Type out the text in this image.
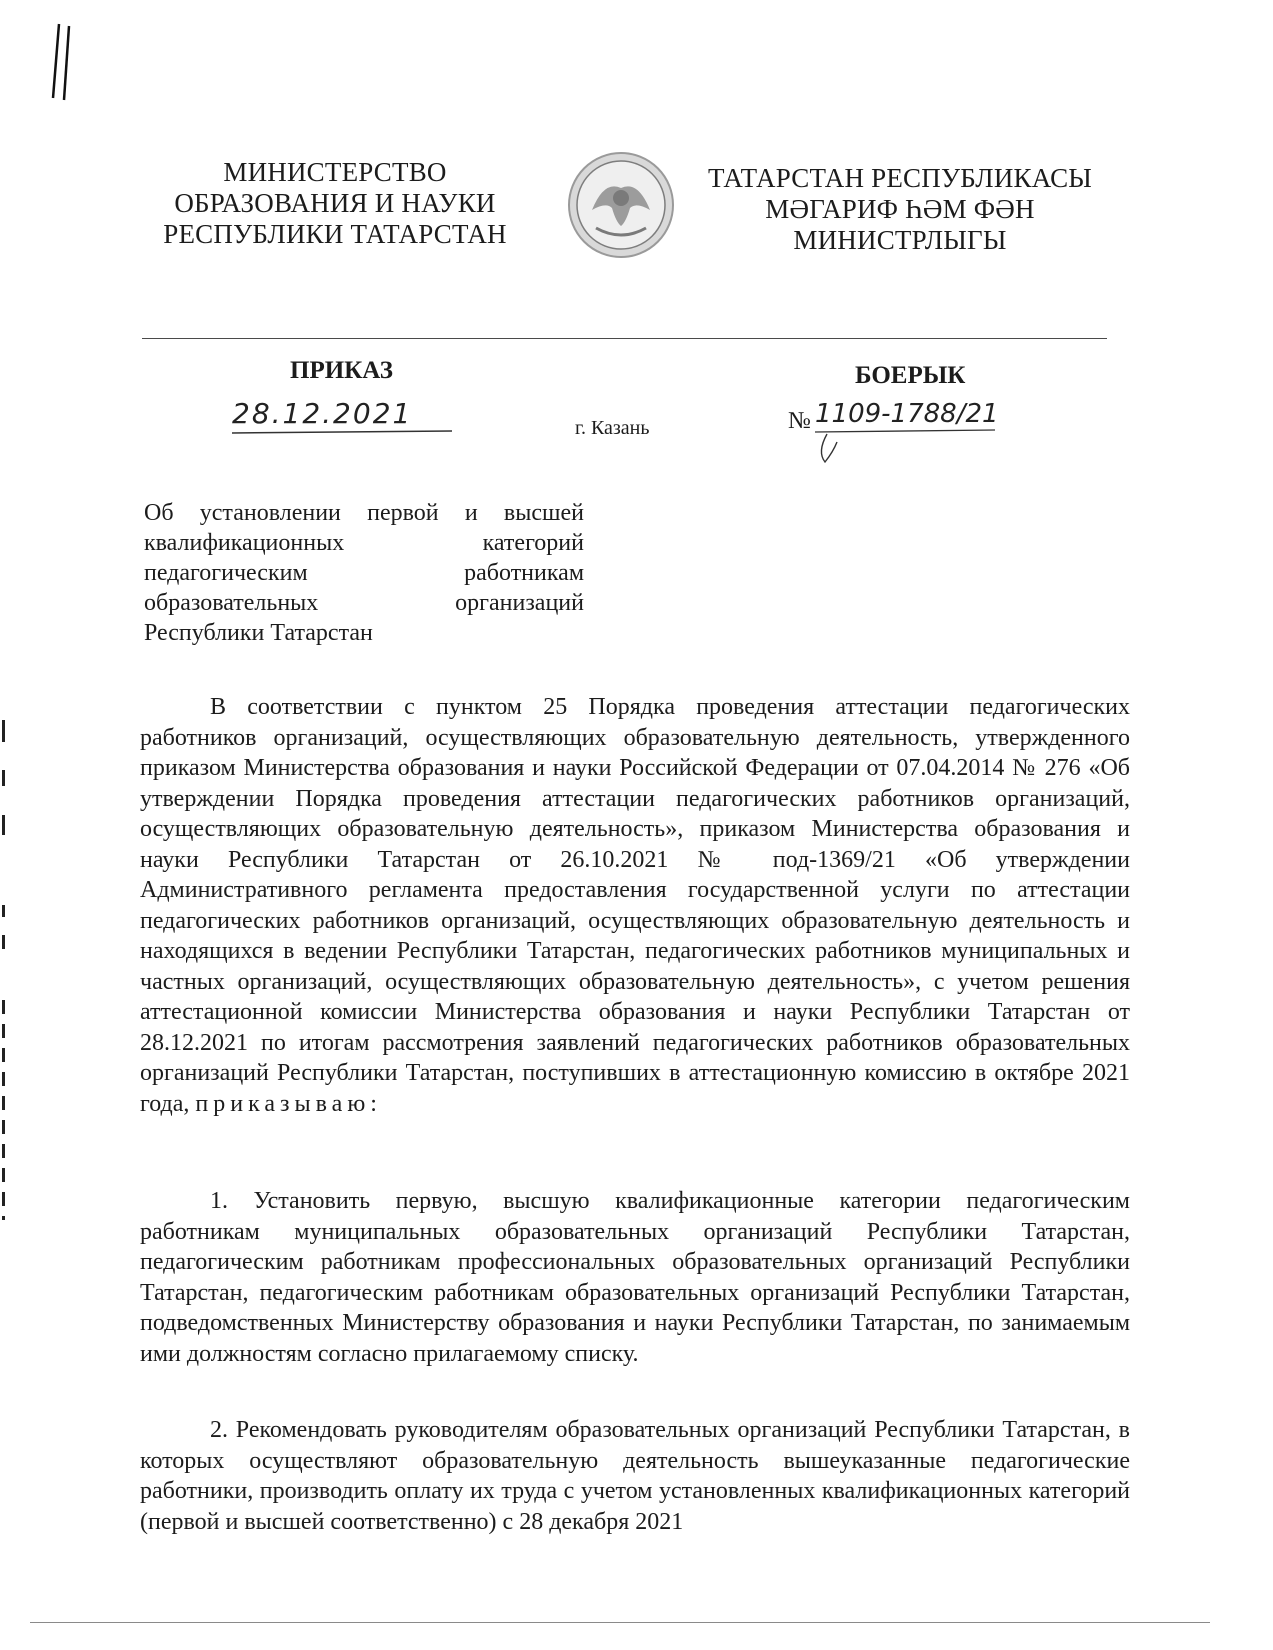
МИНИСТЕРСТВО
ОБРАЗОВАНИЯ И НАУКИ
РЕСПУБЛИКИ ТАТАРСТАН
ТАТАРСТАН РЕСПУБЛИКАСЫ
МӘГАРИФ ҺӘМ ФӘН
МИНИСТРЛЫГЫ
ПРИКАЗ	БОЕРЫК
28.12.2021	г. Казань	№ 1109-1788/21
Об установлении первой и высшей
квалификационных категорий
педагогическим работникам
образовательных организаций
Республики Татарстан
В соответствии с пунктом 25 Порядка проведения аттестации педагогических работников организаций, осуществляющих образовательную деятельность, утвержденного приказом Министерства образования и науки Российской Федерации от 07.04.2014 № 276 «Об утверждении Порядка проведения аттестации педагогических работников организаций, осуществляющих образовательную деятельность», приказом Министерства образования и науки Республики Татарстан от 26.10.2021 № под-1369/21 «Об утверждении Административного регламента предоставления государственной услуги по аттестации педагогических работников организаций, осуществляющих образовательную деятельность и находящихся в ведении Республики Татарстан, педагогических работников муниципальных и частных организаций, осуществляющих образовательную деятельность», с учетом решения аттестационной комиссии Министерства образования и науки Республики Татарстан от 28.12.2021 по итогам рассмотрения заявлений педагогических работников образовательных организаций Республики Татарстан, поступивших в аттестационную комиссию в октябре 2021 года, приказываю:
1. Установить первую, высшую квалификационные категории педагогическим работникам муниципальных образовательных организаций Республики Татарстан, педагогическим работникам профессиональных образовательных организаций Республики Татарстан, педагогическим работникам образовательных организаций Республики Татарстан, подведомственных Министерству образования и науки Республики Татарстан, по занимаемым ими должностям согласно прилагаемому списку.
2. Рекомендовать руководителям образовательных организаций Республики Татарстан, в которых осуществляют образовательную деятельность вышеуказанные педагогические работники, производить оплату их труда с учетом установленных квалификационных категорий (первой и высшей соответственно) с 28 декабря 2021
